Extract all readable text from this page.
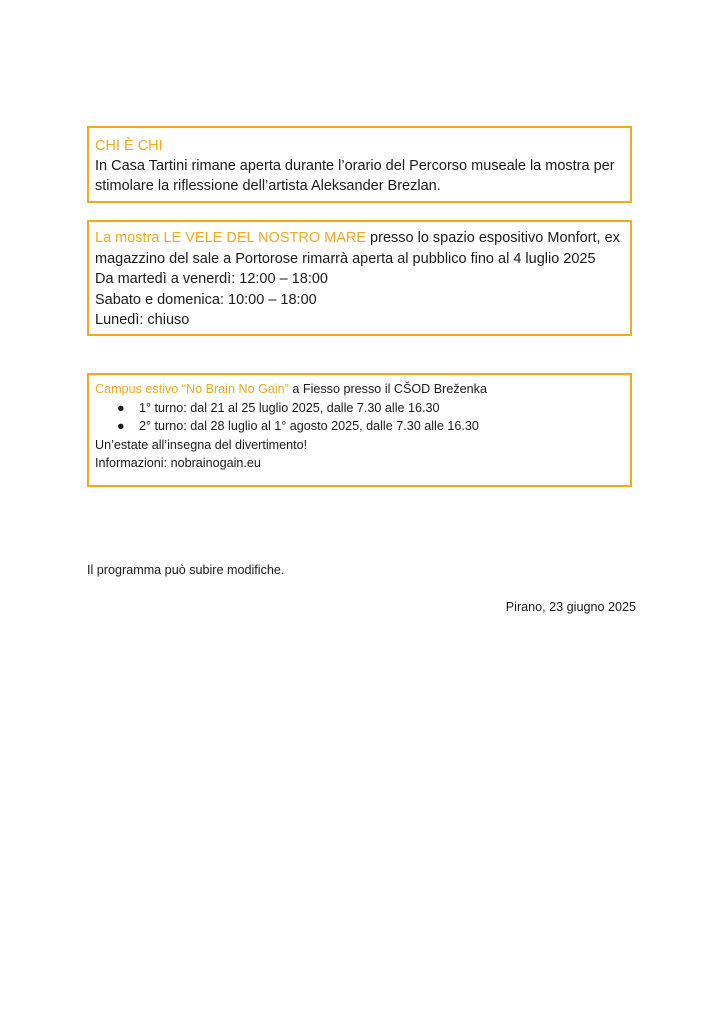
CHI È CHI

In Casa Tartini rimane aperta durante l’orario del Percorso museale la mostra per stimolare la riflessione dell’artista Aleksander Brezlan.

La mostra LE VELE DEL NOSTRO MARE presso lo spazio espositivo Monfort, ex magazzino del sale a Portorose rimarrà aperta al pubblico fino al 4 luglio 2025

Da martedì a venerdì: 12:00 – 18:00

Sabato e domenica: 10:00 – 18:00

Lunedì: chiuso

Campus estivo “No Brain No Gain” a Fiesso presso il CŠOD Breženka

● 1° turno: dal 21 al 25 luglio 2025, dalle 7.30 alle 16.30
● 2° turno: dal 28 luglio al 1° agosto 2025, dalle 7.30 alle 16.30

Un’estate all’insegna del divertimento!

Informazioni: nobrainogain.eu

Il programma può subire modifiche.

Pirano, 23 giugno 2025
